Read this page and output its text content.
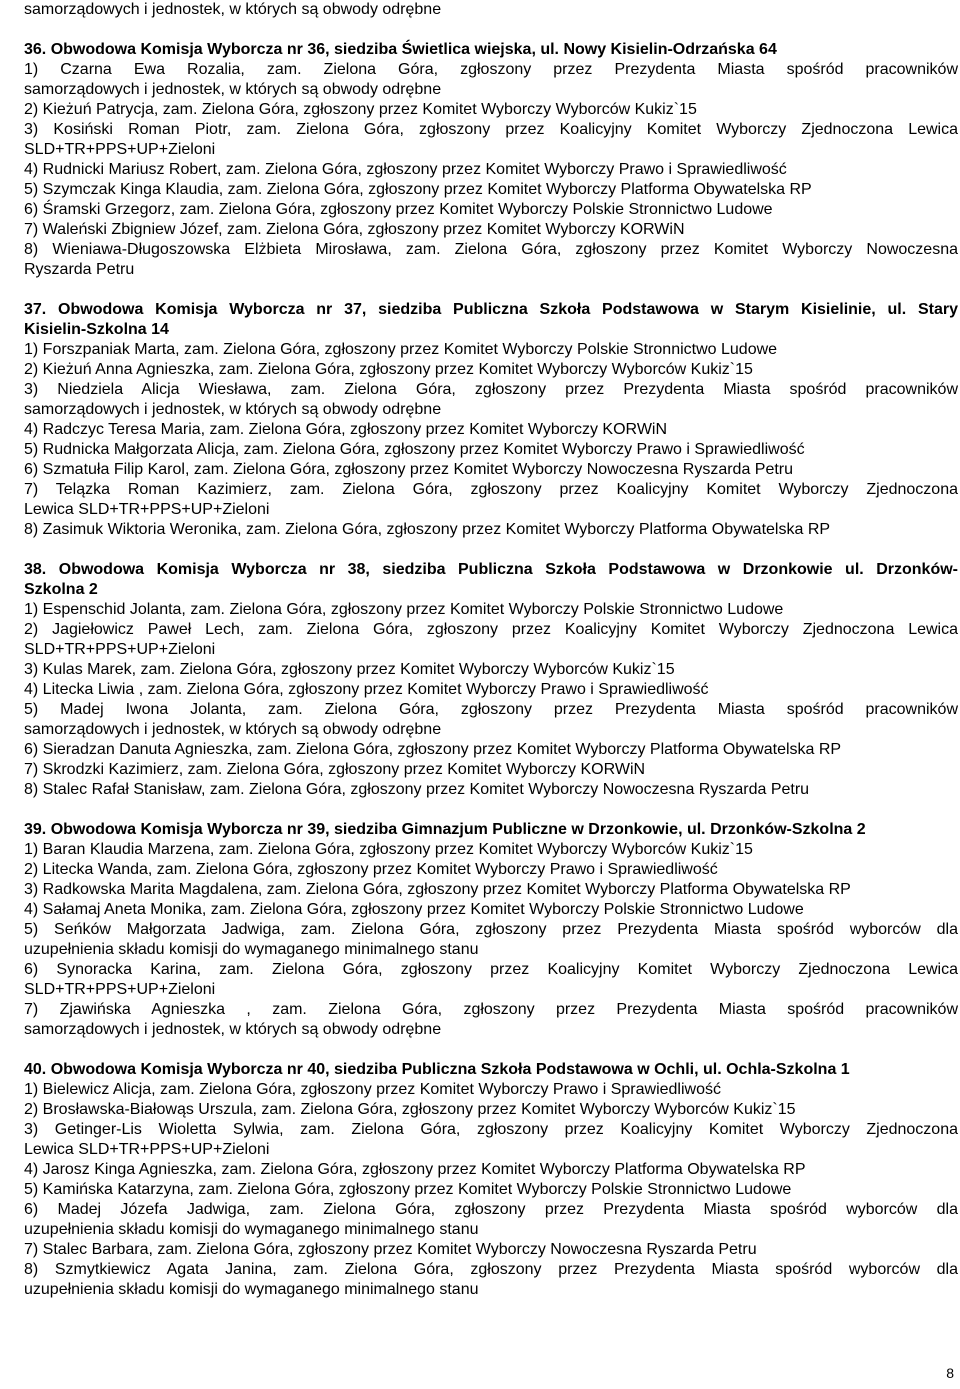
samorządowych i jednostek, w których są obwody odrębne
36. Obwodowa Komisja Wyborcza nr 36, siedziba Świetlica wiejska, ul. Nowy Kisielin-Odrzańska 64
1) Czarna Ewa Rozalia, zam. Zielona Góra, zgłoszony przez Prezydenta Miasta spośród pracowników
samorządowych i jednostek, w których są obwody odrębne
2) Kieżuń Patrycja, zam. Zielona Góra, zgłoszony przez Komitet Wyborczy Wyborców Kukiz`15
3) Kosiński Roman Piotr, zam. Zielona Góra, zgłoszony przez Koalicyjny Komitet Wyborczy Zjednoczona Lewica
SLD+TR+PPS+UP+Zieloni
4) Rudnicki Mariusz Robert, zam. Zielona Góra, zgłoszony przez Komitet Wyborczy Prawo i Sprawiedliwość
5) Szymczak Kinga Klaudia, zam. Zielona Góra, zgłoszony przez Komitet Wyborczy Platforma Obywatelska RP
6) Śramski Grzegorz, zam. Zielona Góra, zgłoszony przez Komitet Wyborczy Polskie Stronnictwo Ludowe
7) Waleński Zbigniew Józef, zam. Zielona Góra, zgłoszony przez Komitet Wyborczy KORWiN
8) Wieniawa-Długoszowska Elżbieta Mirosława, zam. Zielona Góra, zgłoszony przez Komitet Wyborczy Nowoczesna
Ryszarda Petru
37. Obwodowa Komisja Wyborcza nr 37, siedziba Publiczna Szkoła Podstawowa w Starym Kisielinie, ul. Stary
Kisielin-Szkolna 14
1) Forszpaniak Marta, zam. Zielona Góra, zgłoszony przez Komitet Wyborczy Polskie Stronnictwo Ludowe
2) Kieżuń Anna Agnieszka, zam. Zielona Góra, zgłoszony przez Komitet Wyborczy Wyborców Kukiz`15
3) Niedziela Alicja Wiesława, zam. Zielona Góra, zgłoszony przez Prezydenta Miasta spośród pracowników
samorządowych i jednostek, w których są obwody odrębne
4) Radczyc Teresa Maria, zam. Zielona Góra, zgłoszony przez Komitet Wyborczy KORWiN
5) Rudnicka Małgorzata Alicja, zam. Zielona Góra, zgłoszony przez Komitet Wyborczy Prawo i Sprawiedliwość
6) Szmatuła Filip Karol, zam. Zielona Góra, zgłoszony przez Komitet Wyborczy Nowoczesna Ryszarda Petru
7) Telązka Roman Kazimierz, zam. Zielona Góra, zgłoszony przez Koalicyjny Komitet Wyborczy Zjednoczona
Lewica SLD+TR+PPS+UP+Zieloni
8) Zasimuk Wiktoria Weronika, zam. Zielona Góra, zgłoszony przez Komitet Wyborczy Platforma Obywatelska RP
38. Obwodowa Komisja Wyborcza nr 38, siedziba Publiczna Szkoła Podstawowa w Drzonkowie ul. Drzonków-
Szkolna 2
1) Espenschid Jolanta, zam. Zielona Góra, zgłoszony przez Komitet Wyborczy Polskie Stronnictwo Ludowe
2) Jagiełowicz Paweł Lech, zam. Zielona Góra, zgłoszony przez Koalicyjny Komitet Wyborczy Zjednoczona Lewica
SLD+TR+PPS+UP+Zieloni
3) Kulas Marek, zam. Zielona Góra, zgłoszony przez Komitet Wyborczy Wyborców Kukiz`15
4) Litecka Liwia , zam. Zielona Góra, zgłoszony przez Komitet Wyborczy Prawo i Sprawiedliwość
5) Madej Iwona Jolanta, zam. Zielona Góra, zgłoszony przez Prezydenta Miasta spośród pracowników
samorządowych i jednostek, w których są obwody odrębne
6) Sieradzan Danuta Agnieszka, zam. Zielona Góra, zgłoszony przez Komitet Wyborczy Platforma Obywatelska RP
7) Skrodzki Kazimierz, zam. Zielona Góra, zgłoszony przez Komitet Wyborczy KORWiN
8) Stalec Rafał Stanisław, zam. Zielona Góra, zgłoszony przez Komitet Wyborczy Nowoczesna Ryszarda Petru
39. Obwodowa Komisja Wyborcza nr 39, siedziba Gimnazjum Publiczne w Drzonkowie, ul. Drzonków-Szkolna 2
1) Baran Klaudia Marzena, zam. Zielona Góra, zgłoszony przez Komitet Wyborczy Wyborców Kukiz`15
2) Litecka Wanda, zam. Zielona Góra, zgłoszony przez Komitet Wyborczy Prawo i Sprawiedliwość
3) Radkowska Marita Magdalena, zam. Zielona Góra, zgłoszony przez Komitet Wyborczy Platforma Obywatelska RP
4) Sałamaj Aneta Monika, zam. Zielona Góra, zgłoszony przez Komitet Wyborczy Polskie Stronnictwo Ludowe
5) Seńków Małgorzata Jadwiga, zam. Zielona Góra, zgłoszony przez Prezydenta Miasta spośród wyborców dla
uzupełnienia składu komisji do wymaganego minimalnego stanu
6) Synoracka Karina, zam. Zielona Góra, zgłoszony przez Koalicyjny Komitet Wyborczy Zjednoczona Lewica
SLD+TR+PPS+UP+Zieloni
7) Zjawińska Agnieszka , zam. Zielona Góra, zgłoszony przez Prezydenta Miasta spośród pracowników
samorządowych i jednostek, w których są obwody odrębne
40. Obwodowa Komisja Wyborcza nr 40, siedziba Publiczna Szkoła Podstawowa w Ochli, ul. Ochla-Szkolna 1
1) Bielewicz Alicja, zam. Zielona Góra, zgłoszony przez Komitet Wyborczy Prawo i Sprawiedliwość
2) Brosławska-Białowąs Urszula, zam. Zielona Góra, zgłoszony przez Komitet Wyborczy Wyborców Kukiz`15
3) Getinger-Lis Wioletta Sylwia, zam. Zielona Góra, zgłoszony przez Koalicyjny Komitet Wyborczy Zjednoczona
Lewica SLD+TR+PPS+UP+Zieloni
4) Jarosz Kinga Agnieszka, zam. Zielona Góra, zgłoszony przez Komitet Wyborczy Platforma Obywatelska RP
5) Kamińska Katarzyna, zam. Zielona Góra, zgłoszony przez Komitet Wyborczy Polskie Stronnictwo Ludowe
6) Madej Józefa Jadwiga, zam. Zielona Góra, zgłoszony przez Prezydenta Miasta spośród wyborców dla
uzupełnienia składu komisji do wymaganego minimalnego stanu
7) Stalec Barbara, zam. Zielona Góra, zgłoszony przez Komitet Wyborczy Nowoczesna Ryszarda Petru
8) Szmytkiewicz Agata Janina, zam. Zielona Góra, zgłoszony przez Prezydenta Miasta spośród wyborców dla
uzupełnienia składu komisji do wymaganego minimalnego stanu
8
